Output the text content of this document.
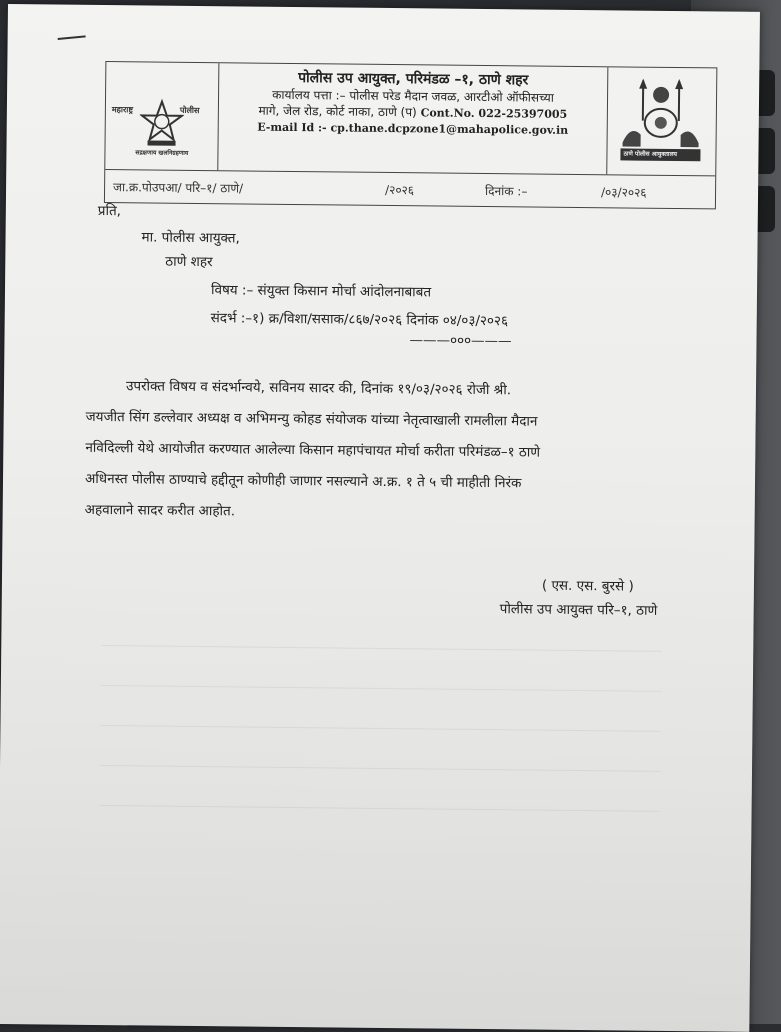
महाराष्ट्र	पोलीस
सद्रक्षणाय खलनिग्रहणाय
पोलीस उप आयुक्त, परिमंडळ –१, ठाणे शहर
कार्यालय पत्ता :– पोलीस परेड मैदान जवळ, आरटीओ ऑफीसच्या
मागे, जेल रोड, कोर्ट नाका, ठाणे (प) Cont.No. 022-25397005
E-mail Id :- cp.thane.dcpzone1@mahapolice.gov.in
ठाणे पोलीस आयुक्तालय
जा.क्र.पोउपआ/ परि–१/ ठाणे/	/२०२६	दिनांक :–	/०३/२०२६
प्रति,
मा. पोलीस आयुक्त,
ठाणे शहर
विषय :– संयुक्त किसान मोर्चा आंदोलनाबाबत
संदर्भ :–१) क्र/विशा/ससाक/८६७/२०२६ दिनांक ०४/०३/२०२६
———०००———

उपरोक्त विषय व संदर्भान्वये, सविनय सादर की, दिनांक १९/०३/२०२६ रोजी श्री.

जयजीत सिंग डल्लेवार अध्यक्ष व अभिमन्यु कोहड संयोजक यांच्या नेतृत्वाखाली रामलीला मैदान

नविदिल्ली येथे आयोजीत करण्यात आलेल्या किसान महापंचायत मोर्चा करीता परिमंडळ–१ ठाणे

अधिनस्त पोलीस ठाण्याचे हद्दीतून कोणीही जाणार नसल्याने अ.क्र. १ ते ५ ची माहीती निरंक

अहवालाने सादर करीत आहोत.

( एस. एस. बुरसे )
पोलीस उप आयुक्त परि–१, ठाणे
